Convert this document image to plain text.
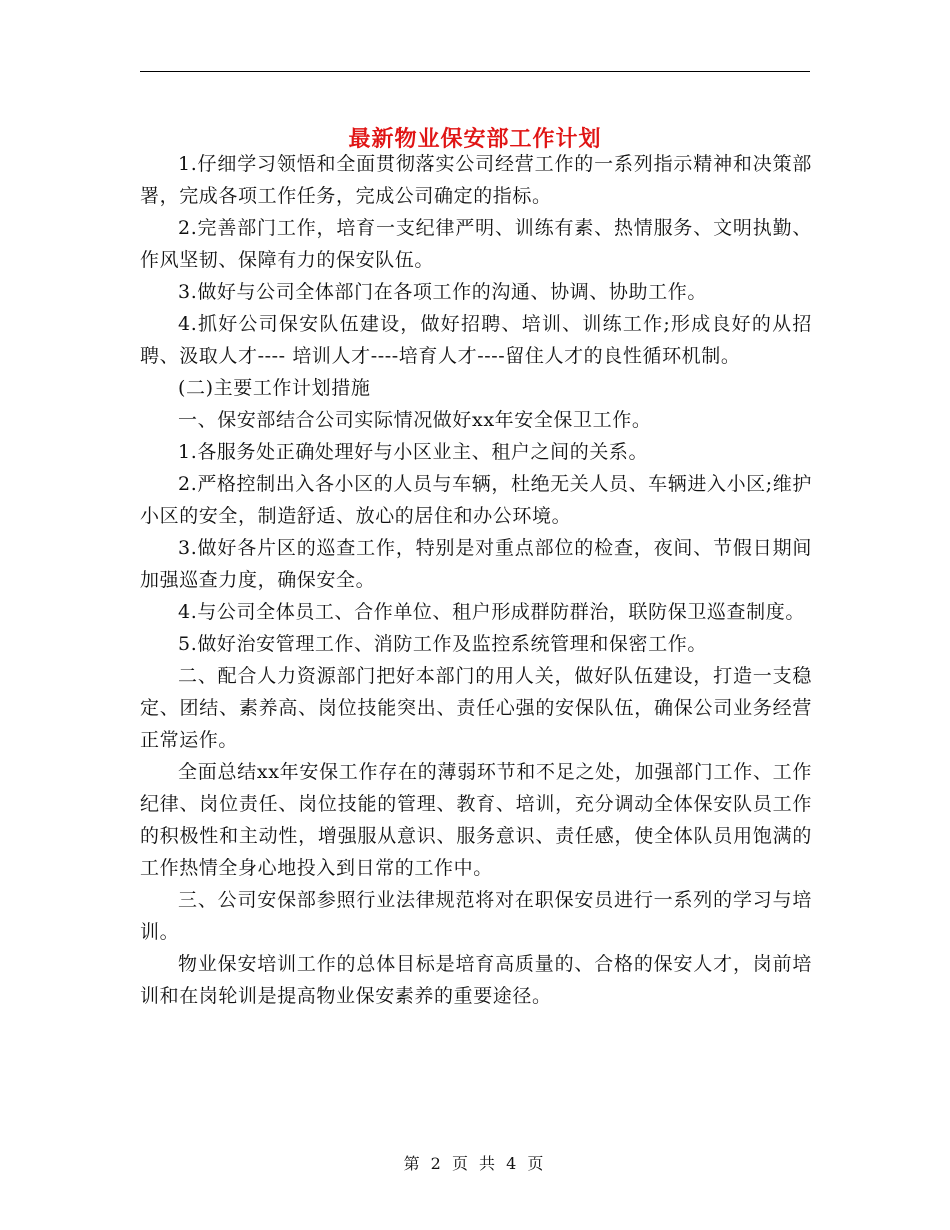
最新物业保安部工作计划

1.仔细学习领悟和全面贯彻落实公司经营工作的一系列指示精神和决策部署，完成各项工作任务，完成公司确定的指标。

2.完善部门工作，培育一支纪律严明、训练有素、热情服务、文明执勤、作风坚韧、保障有力的保安队伍。

3.做好与公司全体部门在各项工作的沟通、协调、协助工作。

4.抓好公司保安队伍建设，做好招聘、培训、训练工作;形成良好的从招聘、汲取人才---- 培训人才----培育人才----留住人才的良性循环机制。

(二)主要工作计划措施

一、保安部结合公司实际情况做好xx年安全保卫工作。

1.各服务处正确处理好与小区业主、租户之间的关系。

2.严格控制出入各小区的人员与车辆，杜绝无关人员、车辆进入小区;维护小区的安全，制造舒适、放心的居住和办公环境。

3.做好各片区的巡查工作，特别是对重点部位的检查，夜间、节假日期间加强巡查力度，确保安全。

4.与公司全体员工、合作单位、租户形成群防群治，联防保卫巡查制度。

5.做好治安管理工作、消防工作及监控系统管理和保密工作。

二、配合人力资源部门把好本部门的用人关，做好队伍建设，打造一支稳定、团结、素养高、岗位技能突出、责任心强的安保队伍，确保公司业务经营正常运作。

全面总结xx年安保工作存在的薄弱环节和不足之处，加强部门工作、工作纪律、岗位责任、岗位技能的管理、教育、培训，充分调动全体保安队员工作的积极性和主动性，增强服从意识、服务意识、责任感，使全体队员用饱满的工作热情全身心地投入到日常的工作中。

三、公司安保部参照行业法律规范将对在职保安员进行一系列的学习与培训。

物业保安培训工作的总体目标是培育高质量的、合格的保安人才，岗前培训和在岗轮训是提高物业保安素养的重要途径。

第 2 页 共 4 页
